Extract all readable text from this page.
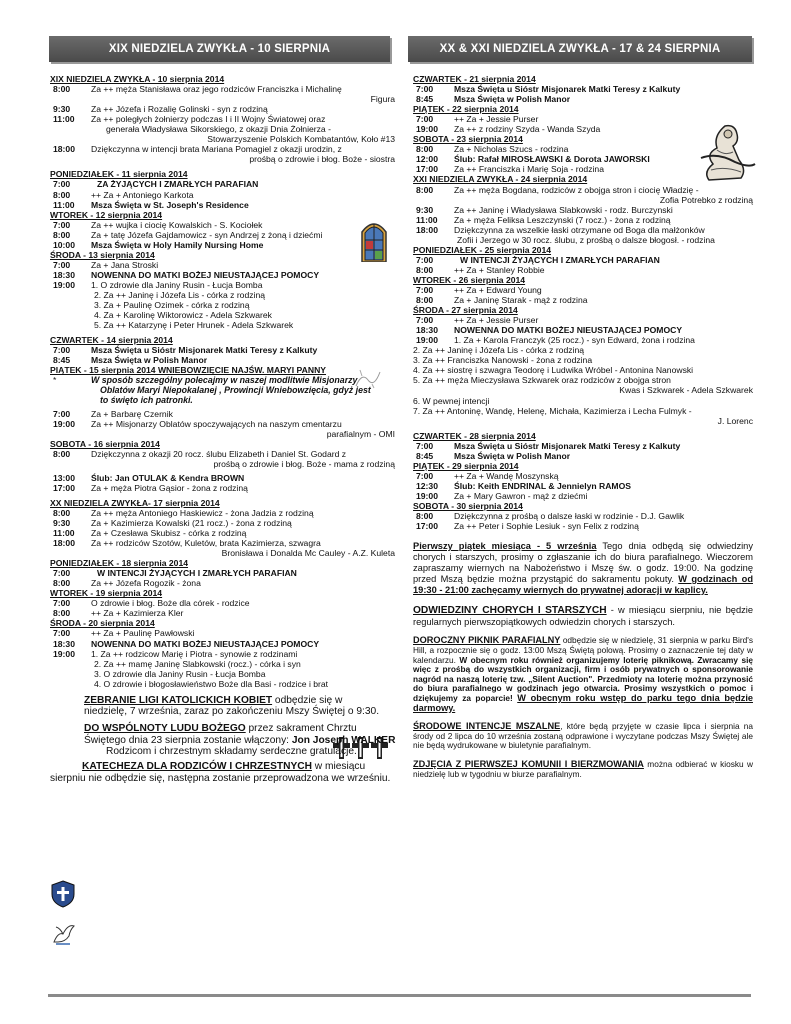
XIX NIEDZIELA ZWYKŁA - 10 SIERPNIA	XX & XXI NIEDZIELA ZWYKŁA - 17 & 24 SIERPNIA
XIX NIEDZIELA ZWYKŁA - 10 sierpnia 2014
8:00	Za ++ męża Stanisława oraz jego rodziców Franciszka i Michalinę
Figura
9:30	Za ++ Józefa i Rozalię Golinski - syn z rodziną
11:00	Za ++ poległych żołnierzy podczas I i II Wojny Światowej oraz
generała Władysława Sikorskiego, z okazji Dnia Żołnierza -
Stowarzyszenie Polskich Kombatantów, Koło #13
18:00	Dziękczynna w intencji brata Mariana Pomagiel z okazji urodzin, z
prośbą o zdrowie i błog. Boże - siostra
PONIEDZIAŁEK - 11 sierpnia 2014
7:00	ZA ŻYJĄCYCH I ZMARŁYCH PARAFIAN
8:00	++ Za + Antoniego Karkota
11:00	Msza Święta w St. Joseph's Residence
WTOREK - 12 sierpnia 2014
7:00	Za ++ wujka i ciocię Kowalskich - S. Kociołek
8:00	Za + tatę Józefa Gajdamowicz - syn Andrzej z żoną i dziećmi
10:00	Msza Święta w Holy Hamily Nursing Home
ŚRODA - 13 sierpnia 2014
7:00	Za + Jana Stroski
18:30	NOWENNA DO MATKI BOŻEJ NIEUSTAJĄCEJ POMOCY
19:00	1. O zdrowie dla Janiny Rusin - Łucja Bomba
2. Za ++ Janinę i Józefa Lis - córka z rodziną
3. Za + Paulinę Ozimek - córka z rodziną
4. Za + Karolinę Wiktorowicz - Adela Szkwarek
5. Za ++ Katarzynę i Peter Hrunek - Adela Szkwarek
CZWARTEK - 14 sierpnia 2014
7:00	Msza Święta u Sióstr Misjonarek Matki Teresy z Kalkuty
8:45	Msza Święta w Polish Manor
PIĄTEK - 15 sierpnia 2014 WNIEBOWZIĘCIE NAJŚW. MARYI PANNY
*	W sposób szczególny polecajmy w naszej modlitwie Misjonarzy
Oblatów Maryi Niepokalanej , Prowincji Wniebowzięcia, gdyż jest
to święto ich patronki.
7:00	Za + Barbarę Czernik
19:00	Za ++ Misjonarzy Oblatów spoczywających na naszym cmentarzu
parafialnym - OMI
SOBOTA - 16 sierpnia 2014
8:00	Dziękczynna z okazji 20 rocz. ślubu Elizabeth i Daniel St. Godard z
prośbą o zdrowie i błog. Boże - mama z rodziną
13:00	Ślub: Jan OTULAK & Kendra BROWN
17:00	Za + męża Piotra Gąsior - żona z rodziną
XX NIEDZIELA ZWYKŁA- 17 sierpnia 2014
8:00	Za ++ męża Antoniego Haskiewicz - żona Jadzia z rodziną
9:30	Za + Kazimierza Kowalski (21 rocz.) - żona z rodziną
11:00	Za + Czesława Skubisz - córka z rodziną
18:00	Za ++ rodziców Szotów, Kuletów, brata Kazimierza, szwagra
Bronisława i Donalda Mc Cauley - A.Z. Kuleta
PONIEDZIAŁEK - 18 sierpnia 2014
7:00	W INTENCJI ŻYJĄCYCH I ZMARŁYCH PARAFIAN
8:00	Za ++ Józefa Rogozik - żona
WTOREK - 19 sierpnia 2014
7:00	O zdrowie i błog. Boże dla córek - rodzice
8:00	++ Za + Kazimierza Kler
ŚRODA - 20 sierpnia 2014
7:00	++ Za + Paulinę Pawłowski
18:30	NOWENNA DO MATKI BOŻEJ NIEUSTAJĄCEJ POMOCY
19:00	1. Za ++ rodzicow Marię i Piotra - synowie z rodzinami
2. Za ++ mamę Janinę Slabkowski (rocz.) - córka i syn
3. O zdrowie dla Janiny Rusin - Łucja Bomba
4. O zdrowie i błogosławieństwo Boże dla Basi - rodzice i brat
ZEBRANIE LIGI KATOLICKICH KOBIET odbędzie się w
niedzielę, 7 września, zaraz po zakończeniu Mszy Świętej o 9:30.
DO WSPÓLNOTY LUDU BOŻEGO przez sakrament Chrztu
Świętego dnia 23 sierpnia zostanie włączony: Jon Joseph WALKER
Rodzicom i chrzestnym składamy serdeczne gratulacje.
KATECHEZA DLA RODZICÓW I CHRZESTNYCH w miesiącu
sierpniu nie odbędzie się, następna zostanie przeprowadzona we wrześniu.
CZWARTEK - 21 sierpnia 2014
7:00	Msza Święta u Sióstr Misjonarek Matki Teresy z Kalkuty
8:45	Msza Święta w Polish Manor
PIĄTEK - 22 sierpnia 2014
7:00	++ Za + Jessie Purser
19:00	Za ++ z rodziny Szyda - Wanda Szyda
SOBOTA - 23 sierpnia 2014
8:00	Za + Nicholas Szucs - rodzina
12:00	Ślub: Rafał MIROSŁAWSKI & Dorota JAWORSKI
17:00	Za ++ Franciszka i Marię Soja - rodzina
XXI NIEDZIELA ZWYKŁA - 24 sierpnia 2014
8:00	Za ++ męża Bogdana, rodziców z obojga stron i ciocię Władzię -
Zofia Potrebko z rodziną
9:30	Za ++ Janinę i Władysława Slabkowski - rodz. Burczynski
11:00	Za + męża Feliksa Leszczynski (7 rocz.) - żona z rodziną
18:00	Dziękczynna za wszelkie łaski otrzymane od Boga dla małżonków
Zofii i Jerzego w 30 rocz. ślubu, z prośbą o dalsze błogosł. - rodzina
PONIEDZIAŁEK - 25 sierpnia 2014
7:00	W INTENCJI ŻYJĄCYCH I ZMARŁYCH PARAFIAN
8:00	++ Za + Stanley Robbie
WTOREK - 26 sierpnia 2014
7:00	++ Za + Edward Young
8:00	Za + Janinę Starak - mąż z rodzina
ŚRODA - 27 sierpnia 2014
7:00	++ Za + Jessie Purser
18:30	NOWENNA DO MATKI BOŻEJ NIEUSTAJĄCEJ POMOCY
19:00	1. Za + Karola Franczyk (25 rocz.) - syn Edward, żona i rodzina
2. Za ++ Janinę i Józefa Lis - córka z rodziną
3. Za ++ Franciszka Nanowski - żona z rodzina
4. Za ++ siostrę i szwagra Teodorę i Ludwika Wróbel - Antonina Nanowski
5. Za ++ męża Mieczysława Szkwarek oraz rodziców z obojga stron
Kwas i Szkwarek - Adela Szkwarek
6. W pewnej intencji
7. Za ++ Antoninę, Wandę, Helenę, Michała, Kazimierza i Lecha Fulmyk -
J. Lorenc
CZWARTEK - 28 sierpnia 2014
7:00	Msza Święta u Sióstr Misjonarek Matki Teresy z Kalkuty
8:45	Msza Święta w Polish Manor
PIĄTEK - 29 sierpnia 2014
7:00	++ Za + Wandę Moszynską
12:30	Ślub: Keith ENDRINAL & Jennielyn RAMOS
19:00	Za + Mary Gawron - mąż z dziećmi
SOBOTA - 30 sierpnia 2014
8:00	Dziękczynna z prośbą o dalsze łaski w rodzinie - D.J. Gawlik
17:00	Za ++ Peter i Sophie Lesiuk - syn Felix z rodziną
Pierwszy piątek miesiąca - 5 września Tego dnia odbędą się odwiedziny chorych i starszych, prosimy o zgłaszanie ich do biura parafialnego. Wieczorem zapraszamy wiernych na Nabożeństwo i Mszę św. o godz. 19:00. Na godzinę przed Mszą będzie można przystąpić do sakramentu pokuty. W godzinach od 19:30 - 21:00 zachęcamy wiernych do prywatnej adoracji w kaplicy.
ODWIEDZINY CHORYCH I STARSZYCH - w miesiącu sierpniu, nie będzie regularnych pierwszopiątkowych odwiedzin chorych i starszych.
DOROCZNY PIKNIK PARAFIALNY odbędzie się w niedzielę, 31 sierpnia w parku Bird's Hill, a rozpocznie się o godz. 13:00 Mszą Świętą polową. Prosimy o zaznaczenie tej daty w kalendarzu. W obecnym roku również organizujemy loterię piknikową. Zwracamy się więc z prośbą do wszystkich organizacji, firm i osób prywatnych o sponsorowanie nagród na naszą loterię tzw. „Silent Auction". Przedmioty na loterię można przynosić do biura parafialnego w godzinach jego otwarcia. Prosimy wszystkich o pomoc i dziękujemy za poparcie! W obecnym roku wstęp do parku tego dnia będzie darmowy.
ŚRODOWE INTENCJE MSZALNE, które będą przyjęte w czasie lipca i sierpnia na środy od 2 lipca do 10 września zostaną odprawione i wyczytane podczas Mszy Świętej ale nie będą wydrukowane w biuletynie parafialnym.
ZDJĘCIA Z PIERWSZEJ KOMUNII I BIERZMOWANIA można odbierać w kiosku w niedzielę lub w tygodniu w biurze parafialnym.
